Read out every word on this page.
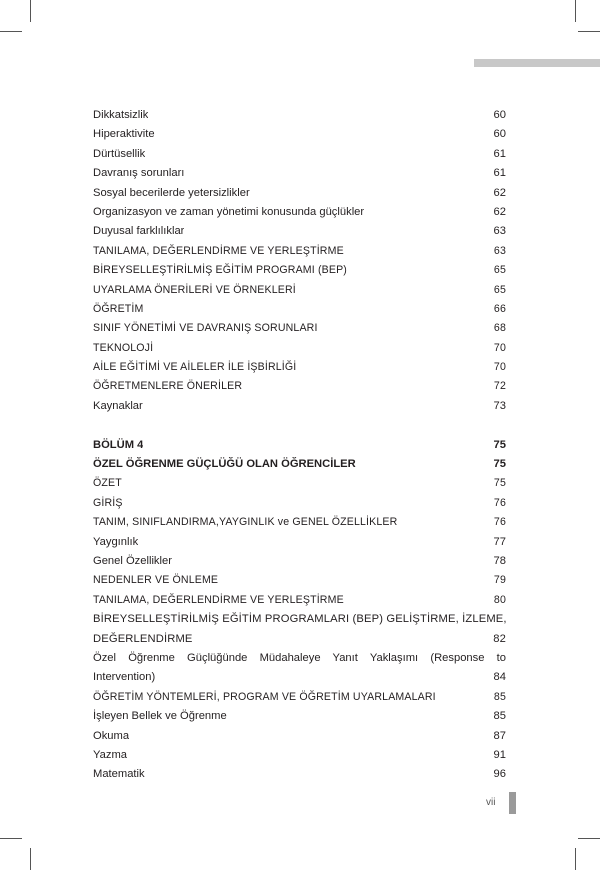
Dikkatsizlik	60
Hiperaktivite	60
Dürtüsellik	61
Davranış sorunları	61
Sosyal becerilerde yetersizlikler	62
Organizasyon ve zaman yönetimi konusunda güçlükler	62
Duyusal farklılıklar	63
TANILAMA, DEĞERLENDİRME VE YERLEŞTİRME	63
BİREYSELLEŞTİRİLMİŞ EĞİTİM PROGRAMI (BEP)	65
UYARLAMA ÖNERİLERİ VE ÖRNEKLERİ	65
ÖĞRETİM	66
SINIF YÖNETİMİ VE DAVRANIŞ SORUNLARI	68
TEKNOLOJİ	70
AİLE EĞİTİMİ VE AİLELER İLE İŞBİRLİĞİ	70
ÖĞRETMENLERE ÖNERİLER	72
Kaynaklar	73
BÖLÜM 4	75
ÖZEL ÖĞRENME GÜÇLÜĞÜ OLAN ÖĞRENCİLER	75
ÖZET	75
GİRİŞ	76
TANIM, SINIFLANDIRMA,YAYGINLIK ve GENEL ÖZELLİKLER	76
Yaygınlık	77
Genel Özellikler	78
NEDENLER VE ÖNLEME	79
TANILAMA, DEĞERLENDİRME VE YERLEŞTİRME	80
BİREYSELLEŞTİRİLMİŞ EĞİTİM PROGRAMLARI (BEP) GELİŞTİRME, İZLEME,
DEĞERLENDİRME	82
Özel Öğrenme Güçlüğünde Müdahaleye Yanıt Yaklaşımı (Response to
Intervention)	84
ÖĞRETİM YÖNTEMLERİ, PROGRAM VE ÖĞRETİM UYARLAMALARI	85
İşleyen Bellek ve Öğrenme	85
Okuma	87
Yazma	91
Matematik	96
vii
